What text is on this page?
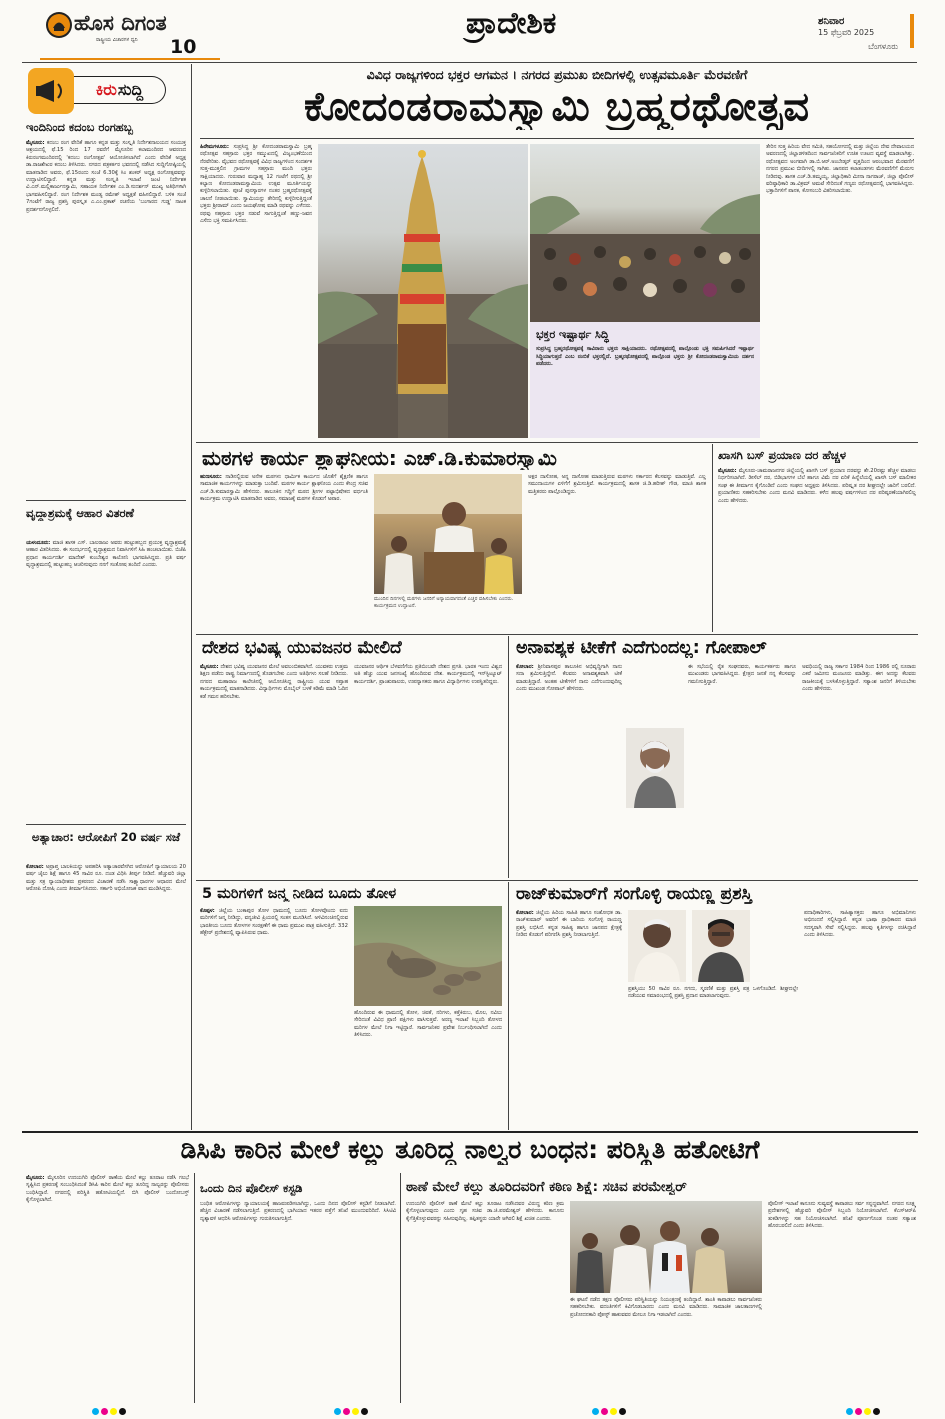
ಹೊಸ ದಿಗಂತ
ರಾಷ್ಟ್ರೀಯ ವಿಚಾರಗಳ ಧ್ವನಿ 10
ಪ್ರಾದೇಶಿಕ	ಶನಿವಾರ
15 ಫೆಬ್ರವರಿ 2025
ಬೆಂಗಳೂರು
ಕಿರು ಸುದ್ದಿ
ಇಂದಿನಿಂದ ಕದಂಬ ರಂಗಹಬ್ಬ
ಮೈಸೂರು: ಕದಂಬ ರಂಗ ವೇದಿಕೆ ಹಾಗೂ ಕನ್ನಡ ಮತ್ತು ಸಂಸ್ಕೃತಿ ನಿರ್ದೇಶನಾಲಯದ ಸಂಯುಕ್ತ ಆಶ್ರಯದಲ್ಲಿ ಫೆ.15 ರಿಂದ 17 ರವರೆಗೆ ಮೈಸೂರಿನ ಕಲಾಮಂದಿರದ ಆವರಣದ ಕಿರುರಂಗಮಂದಿರದಲ್ಲಿ 'ಕದಂಬ ರಂಗೋತ್ಸವ' ಆಯೋಜಿಸಲಾಗಿದೆ ಎಂದು ವೇದಿಕೆ ಅಧ್ಯಕ್ಷ ಡಾ.ರಾಜಶೇಖರ ಕದಂಬ ತಿಳಿಸಿದರು. ನಗರದ ಪತ್ರಕರ್ತರ ಭವನದಲ್ಲಿ ನಡೆಸಿದ ಸುದ್ದಿಗೋಷ್ಠಿಯಲ್ಲಿ ಮಾತನಾಡಿದ ಅವರು, ಫೆ.15ರಂದು ಸಂಜೆ 6.30ಕ್ಕೆ ಸಿಂ ಶಂಕರ್ ಅಧ್ಯಕ್ಷ ರಂಗೋತ್ಸವವನ್ನು ಉದ್ಘಾಟಿಸಲಿದ್ದಾರೆ. ಕನ್ನಡ ಮತ್ತು ಸಂಸ್ಕೃತಿ ಇಲಾಖೆ ಜಂಟಿ ನಿರ್ದೇಶಕ ವಿ.ಎನ್.ಮಲ್ಲಿಕಾರ್ಜುನಸ್ವಾಮಿ, ಸಹಾಯಕ ನಿರ್ದೇಶಕ ಎಂ.ಡಿ.ಸುದರ್ಶನ್ ಮುಖ್ಯ ಅತಿಥಿಗಳಾಗಿ ಭಾಗವಹಿಸಲಿದ್ದಾರೆ. ರಂಗ ನಿರ್ದೇಶಕ ಮಂಡ್ಯ ರಮೇಶ್ ಅಧ್ಯಕ್ಷತೆ ವಹಿಸಲಿದ್ದಾರೆ. ಬಳಿಕ ಸಂಜೆ 7ಗಂಟೆಗೆ ರಾಜ್ಯ ಪ್ರಶಸ್ತಿ ಪುರಸ್ಕೃತ ಎ.ಎಂ.ಪ್ರಕಾಶ್ ರಚನೆಯ 'ಬಂಗಾರದ ಗುಡ್ಡ' ನಾಟಕ ಪ್ರದರ್ಶನಗೊಳ್ಳಲಿದೆ.
ವೃದ್ಧಾಶ್ರಮಕ್ಕೆ ಆಹಾರ ವಿತರಣೆ
ಯಳಂದೂರು: ಮಾಜಿ ಶಾಸಕ ಎಸ್. ಬಾಲರಾಜು ಅವರು ಹುಟ್ಟುಹಬ್ಬದ ಪ್ರಯುಕ್ತ ವೃದ್ಧಾಶ್ರಮಕ್ಕೆ ಆಹಾರ ವಿತರಿಸಿದರು. ಈ ಸಂದರ್ಭದಲ್ಲಿ ವೃದ್ಧಾಶ್ರಮದ ನಿವಾಸಿಗಳಿಗೆ ಸಿಹಿ ಹಂಚಲಾಯಿತು. ಬಿಜೆಪಿ ಪ್ರಧಾನ ಕಾರ್ಯದರ್ಶಿ ಮಾದೇಶ್ ಕುಂಬೇಶ್ವರ ಕಾಲೋನಿ ಭಾಗವಹಿಸಿದ್ದರು. ಪ್ರತಿ ವರ್ಷ ವೃದ್ಧಾಶ್ರಮದಲ್ಲಿ ಹುಟ್ಟುಹಬ್ಬ ಆಚರಿಸುವುದು ನನಗೆ ಸಂತೋಷ ತಂದಿದೆ ಎಂದರು.
ಅತ್ಯಾಚಾರ: ಆರೋಪಿಗೆ 20 ವರ್ಷ ಸಜೆ
ಕೋಲಾರ: ಅಪ್ರಾಪ್ತ ಬಾಲಕಿಯನ್ನು ಅಪಹರಿಸಿ ಅತ್ಯಾಚಾರವೆಸಗಿದ ಆರೋಪಿಗೆ ನ್ಯಾಯಾಲಯ 20 ವರ್ಷ ಜೈಲು ಶಿಕ್ಷೆ ಹಾಗೂ 45 ಸಾವಿರ ರೂ. ದಂಡ ವಿಧಿಸಿ ತೀರ್ಪು ನೀಡಿದೆ. ಹೆಚ್ಚುವರಿ ಜಿಲ್ಲಾ ಮತ್ತು ಸತ್ರ ನ್ಯಾಯಾಧೀಶರು ಪ್ರಕರಣದ ವಿಚಾರಣೆ ನಡೆಸಿ ಸಾಕ್ಷ್ಯಾಧಾರಗಳ ಆಧಾರದ ಮೇಲೆ ಆರೋಪಿ ದೋಷಿ ಎಂದು ತೀರ್ಮಾನಿಸಿದರು. ಸರ್ಕಾರಿ ಅಭಿಯೋಜಕ ವಾದ ಮಂಡಿಸಿದ್ದರು.
ವಿವಿಧ ರಾಜ್ಯಗಳಿಂದ ಭಕ್ತರ ಆಗಮನ । ನಗರದ ಪ್ರಮುಖ ಬೀದಿಗಳಲ್ಲಿ ಉತ್ಸವಮೂರ್ತಿ ಮೆರವಣಿಗೆ
ಕೋದಂಡರಾಮಸ್ವಾಮಿ ಬ್ರಹ್ಮರಥೋತ್ಸವ
ಹಿರೇಮಗಳೂರು: ಸುಪ್ರಸಿದ್ಧ ಶ್ರೀ ಕೋದಂಡರಾಮಸ್ವಾಮಿ ಬ್ರಹ್ಮ ರಥೋತ್ಸವ ಸಹಸ್ರಾರು ಭಕ್ತರ ಸಮ್ಮುಖದಲ್ಲಿ ವಿಜೃಂಭಣೆಯಿಂದ ನೆರವೇರಿತು. ವೈಭವದ ರಥೋತ್ಸವಕ್ಕೆ ವಿವಿಧ ರಾಜ್ಯಗಳಿಂದ ಸಂದರ್ಶಕ ಸುತ್ತ-ಮುತ್ತಲಿನ ಗ್ರಾಮಗಳ ಸಹಸ್ರಾರು ಮಂದಿ ಭಕ್ತರು ಸಾಕ್ಷಿಯಾದರು. ಗುರುವಾರ ಮಧ್ಯಾಹ್ನ 12 ಗಂಟೆಗೆ ರಥದಲ್ಲಿ ಶ್ರೀ ಕಲ್ಯಾಣ ಕೋದಂಡರಾಮಸ್ವಾಮಿಯ ಉತ್ಸವ ಮೂರ್ತಿಯನ್ನು ಕುಳ್ಳಿರಿಸಲಾಯಿತು. ಪೂಜೆ ಪುನಸ್ಕಾರಗಳ ನಂತರ ಬ್ರಹ್ಮರಥೋತ್ಸವಕ್ಕೆ ಚಾಲನೆ ನೀಡಲಾಯಿತು. ಸ್ವಾಮಿಯನ್ನು ತೇರಿನಲ್ಲಿ ಕುಳ್ಳಿರಿಸುತ್ತಿದ್ದಂತೆ ಭಕ್ತರು ಶ್ರೀರಾಮ್ ಎಂದು ಜಯಘೋಷ ಮಾಡಿ ರಥವನ್ನು ಎಳೆದರು. ರಥವು ಸಹಸ್ರಾರು ಭಕ್ತರ ನಡುವೆ ಸಾಗುತ್ತಿದ್ದಂತೆ ಹಣ್ಣು-ಜವನ ಎಸೆದು ಭಕ್ತಿ ಸಮರ್ಪಿಸಿದರು.
ಭಕ್ತರ ಇಷ್ಟಾರ್ಥ ಸಿದ್ಧಿ
ಸುಪ್ರಸಿದ್ಧ ಬ್ರಹ್ಮರಥೋತ್ಸವಕ್ಕೆ ಸಾವಿರಾರು ಭಕ್ತರು ಸಾಕ್ಷಿಯಾದರು. ರಥೋತ್ಸವದಲ್ಲಿ ಪಾಲ್ಗೊಂಡು ಭಕ್ತಿ ಸಮರ್ಪಿಸಿದರೆ ಇಷ್ಟಾರ್ಥ ಸಿದ್ಧಿಯಾಗುತ್ತದೆ ಎಂಬ ನಂಬಿಕೆ ಭಕ್ತರಲ್ಲಿದೆ. ಬ್ರಹ್ಮರಥೋತ್ಸವದಲ್ಲಿ ಪಾಲ್ಗೊಂಡ ಭಕ್ತರು ಶ್ರೀ ಕೋದಂಡರಾಮಸ್ವಾಮಿಯ ದರ್ಶನ ಪಡೆದರು.
ತೇರಿನ ಸುತ್ತ ಹಿರಿಯ ವೇದ ಸಮಿತಿ, ಸಹಯೋಗದಲ್ಲಿ ಮತ್ತು ಜಿಲ್ಲೆಯ ದೇವ ದೇವಾಲಯದ ಅವರಣದಲ್ಲಿ ಜಿಲ್ಲಾಡಳಿತದಿಂದ ಸಾರ್ವಜನಿಕರಿಗೆ ಉಚಿತ ಊಟದ ವ್ಯವಸ್ಥೆ ಮಾಡಲಾಗಿತ್ತು. ರಥೋತ್ಸವದ ಅಂಗವಾಗಿ ಡಾ.ಬಿ.ಆರ್.ಅಂಬೇಡ್ಕರ್ ವೃತ್ತದಿಂದ ಆರಂಭವಾದ ಮೆರವಣಿಗೆ ನಗರದ ಪ್ರಮುಖ ಬೀದಿಗಳಲ್ಲಿ ಸಾಗಿತು. ಜಾನಪದ ಕಲಾತಂಡಗಳು ಮೆರವಣಿಗೆಗೆ ಮೆರುಗು ನೀಡಿದವು. ಶಾಸಕ ಎಚ್.ಡಿ.ತಮ್ಮಯ್ಯ, ಜಿಲ್ಲಾಧಿಕಾರಿ ಮೀನಾ ನಾಗರಾಜ್, ಜಿಲ್ಲಾ ಪೊಲೀಸ್ ವರಿಷ್ಠಾಧಿಕಾರಿ ಡಾ.ವಿಕ್ರಮ್ ಅಮಟೆ ಸೇರಿದಂತೆ ಗಣ್ಯರು ರಥೋತ್ಸವದಲ್ಲಿ ಭಾಗವಹಿಸಿದ್ದರು. ಭಕ್ತಾದಿಗಳಿಗೆ ಪಾನಕ, ಕೋಸಂಬರಿ ವಿತರಿಸಲಾಯಿತು.
ಮಠಗಳ ಕಾರ್ಯ ಶ್ಲಾಘನೀಯ: ಎಚ್.ಡಿ.ಕುಮಾರಸ್ವಾಮಿ
ಹುಣಸೂರು: ನಾಡಿನಲ್ಲಿರುವ ಅನೇಕ ಮಠಗಳು ಧಾರ್ಮಿಕ ಕಾರ್ಯದ ಜೊತೆಗೆ ಶೈಕ್ಷಣಿಕ ಹಾಗೂ ಸಾಮಾಜಿಕ ಕಾರ್ಯಗಳನ್ನು ಮಾಡುತ್ತಾ ಬಂದಿವೆ. ಮಠಗಳ ಕಾರ್ಯ ಶ್ಲಾಘನೀಯ ಎಂದು ಕೇಂದ್ರ ಸಚಿವ ಎಚ್.ಡಿ.ಕುಮಾರಸ್ವಾಮಿ ಹೇಳಿದರು. ತಾಲೂಕಿನ ಗದ್ದಿಗೆ ಮಠದ ಶ್ರೀಗಳ ಪಟ್ಟಾಭಿಷೇಕದ ವರ್ಧಂತಿ ಕಾರ್ಯಕ್ರಮ ಉದ್ಘಾಟಿಸಿ ಮಾತನಾಡಿದ ಅವರು, ಸಮಾಜಕ್ಕೆ ಮಠಗಳ ಕೊಡುಗೆ ಅಪಾರ.
ಮುಂದಿನ ದಿನಗಳಲ್ಲಿ ಮಠಗಳು ಜನರಿಗೆ ಅನ್ಯಾಯವಾಗದಂತೆ ಎಚ್ಚರ ವಹಿಸಬೇಕು ಎಂದರು. ಕಾರ್ಯಕ್ರಮದ ಉದ್ಘಾಟನೆ.
ಅಕ್ಷರ ದಾಸೋಹ, ಅನ್ನ ದಾಸೋಹ ಮಾಡುತ್ತಿರುವ ಮಠಗಳು ಸರ್ಕಾರದ ಕೆಲಸವನ್ನು ಮಾಡುತ್ತಿವೆ. ಎಲ್ಲ ಸಮುದಾಯಗಳ ಏಳಿಗೆಗೆ ಶ್ರಮಿಸುತ್ತಿವೆ. ಕಾರ್ಯಕ್ರಮದಲ್ಲಿ ಶಾಸಕ ಜಿ.ಡಿ.ಹರೀಶ್ ಗೌಡ, ಮಾಜಿ ಶಾಸಕ ಮತ್ತಿತರರು ಪಾಲ್ಗೊಂಡಿದ್ದರು.
ಖಾಸಗಿ ಬಸ್ ಪ್ರಯಾಣ ದರ ಹೆಚ್ಚಳ
ಮೈಸೂರು: ಮೈಸೂರು-ಚಾಮರಾಜನಗರ ಜಿಲ್ಲೆಯಲ್ಲಿ ಖಾಸಗಿ ಬಸ್ ಪ್ರಯಾಣ ದರವನ್ನು ಶೇ.20ರಷ್ಟು ಹೆಚ್ಚಳ ಮಾಡಲು ನಿರ್ಧರಿಸಲಾಗಿದೆ. ಡೀಸೆಲ್ ದರ, ಬಿಡಿಭಾಗಗಳ ಬೆಲೆ ಹಾಗೂ ವಿಮೆ ದರ ಏರಿಕೆ ಹಿನ್ನೆಲೆಯಲ್ಲಿ ಖಾಸಗಿ ಬಸ್ ಮಾಲೀಕರ ಸಂಘ ಈ ತೀರ್ಮಾನ ಕೈಗೊಂಡಿದೆ ಎಂದು ಸಂಘದ ಅಧ್ಯಕ್ಷರು ತಿಳಿಸಿದರು. ಪರಿಷ್ಕೃತ ದರ ಶೀಘ್ರದಲ್ಲೇ ಜಾರಿಗೆ ಬರಲಿದೆ. ಪ್ರಯಾಣಿಕರು ಸಹಕರಿಸಬೇಕು ಎಂದು ಮನವಿ ಮಾಡಿದರು. ಕಳೆದ ಹಲವು ವರ್ಷಗಳಿಂದ ದರ ಪರಿಷ್ಕರಣೆಯಾಗಿರಲಿಲ್ಲ ಎಂದು ಹೇಳಿದರು.
ದೇಶದ ಭವಿಷ್ಯ ಯುವಜನರ ಮೇಲಿದೆ
ಮೈಸೂರು: ದೇಶದ ಭವಿಷ್ಯ ಯುವಜನರ ಮೇಲೆ ಅವಲಂಬಿತವಾಗಿದೆ. ಯುವಕರು ಉತ್ತಮ ಶಿಕ್ಷಣ ಪಡೆದು ರಾಷ್ಟ್ರ ನಿರ್ಮಾಣದಲ್ಲಿ ತೊಡಗಬೇಕು ಎಂದು ಅತಿಥಿಗಳು ಸಲಹೆ ನೀಡಿದರು. ನಗರದ ಮಹಾರಾಜ ಕಾಲೇಜಿನಲ್ಲಿ ಆಯೋಜಿಸಿದ್ದ ರಾಷ್ಟ್ರೀಯ ಯುವ ಸಪ್ತಾಹ ಕಾರ್ಯಕ್ರಮದಲ್ಲಿ ಮಾತನಾಡಿದರು. ವಿದ್ಯಾರ್ಥಿಗಳು ಮೊಬೈಲ್ ಬಳಕೆ ಕಡಿಮೆ ಮಾಡಿ ಓದಿನ ಕಡೆ ಗಮನ ಹರಿಸಬೇಕು.
ಯುವಜನರ ಆರ್ಥಿಕ ಬೆಳವಣಿಗೆಯ ಪ್ರತಿಬಿಂಬವೇ ದೇಶದ ಪ್ರಗತಿ. ಭಾರತ ಇಂದು ವಿಶ್ವದ ಅತಿ ಹೆಚ್ಚು ಯುವ ಜನಸಂಖ್ಯೆ ಹೊಂದಿರುವ ದೇಶ. ಕಾರ್ಯಕ್ರಮದಲ್ಲಿ ಇನ್‌ಸ್ಟಿಟ್ಯೂಟ್ ಕಾರ್ಯದರ್ಶಿ, ಪ್ರಾಂಶುಪಾಲರು, ಉಪನ್ಯಾಸಕರು ಹಾಗೂ ವಿದ್ಯಾರ್ಥಿಗಳು ಉಪಸ್ಥಿತರಿದ್ದರು.
ಅನಾವಶ್ಯಕ ಟೀಕೆಗೆ ಎದೆಗುಂದಲ್ಲ: ಗೋಪಾಲ್
ಕೋಲಾರ: ಶ್ರೀನಿವಾಸಪುರ ತಾಲೂಕಿನ ಅಭಿವೃದ್ಧಿಗಾಗಿ ನಾನು ಸದಾ ಶ್ರಮಿಸುತ್ತಿದ್ದೇನೆ. ಕೆಲವರು ಅನಾವಶ್ಯಕವಾಗಿ ಟೀಕೆ ಮಾಡುತ್ತಿದ್ದಾರೆ. ಅಂತಹ ಟೀಕೆಗಳಿಗೆ ನಾನು ಎದೆಗುಂದುವುದಿಲ್ಲ ಎಂದು ಮುಖಂಡ ಗೋಪಾಲ್ ಹೇಳಿದರು.
ಈ ಸಭೆಯಲ್ಲಿ ರೈತ ಸಂಘದವರು, ಕಾರ್ಯಕರ್ತರು ಹಾಗೂ ಮುಖಂಡರು ಭಾಗವಹಿಸಿದ್ದರು. ಕ್ಷೇತ್ರದ ಜನತೆ ನನ್ನ ಕೆಲಸವನ್ನು ಗಮನಿಸುತ್ತಿದ್ದಾರೆ.
ಅವಧಿಯಲ್ಲಿ ರಾಜ್ಯ ಸರ್ಕಾರ 1984 ರಿಂದ 1986 ರಲ್ಲಿ ನೂರಾರು ಎಕರೆ ಜಮೀನು ಮಂಜೂರು ಮಾಡಿತ್ತು. ಈಗ ಅದನ್ನು ಕೆಲವರು ರಾಜಕೀಯಕ್ಕೆ ಬಳಸಿಕೊಳ್ಳುತ್ತಿದ್ದಾರೆ. ಸತ್ಯಾಂಶ ಜನರಿಗೆ ತಿಳಿಯಬೇಕು ಎಂದು ಹೇಳಿದರು.
5 ಮರಿಗಳಿಗೆ ಜನ್ಮ ನೀಡಿದ ಬೂದು ತೋಳ
ಕೊಪ್ಪಳ: ಜಿಲ್ಲೆಯ ಬಂಕಾಪುರ ತೋಳ ಧಾಮದಲ್ಲಿ ಬೂದು ತೋಳವೊಂದು ಐದು ಮರಿಗಳಿಗೆ ಜನ್ಮ ನೀಡಿದ್ದು, ವನ್ಯಜೀವಿ ಪ್ರಿಯರಲ್ಲಿ ಸಂತಸ ಮೂಡಿಸಿದೆ. ಅಳಿವಿನಂಚಿನಲ್ಲಿರುವ ಭಾರತೀಯ ಬೂದು ತೋಳಗಳ ಸಂರಕ್ಷಣೆಗೆ ಈ ಧಾಮ ಪ್ರಮುಖ ಪಾತ್ರ ವಹಿಸುತ್ತಿದೆ. 332 ಹೆಕ್ಟೇರ್ ಪ್ರದೇಶದಲ್ಲಿ ವ್ಯಾಪಿಸಿರುವ ಧಾಮ.
ಹೊಂದಿರುವ ಈ ಧಾಮದಲ್ಲಿ ತೋಳ, ಚಿರತೆ, ನರಿಗಳು, ಕತ್ತೆಕಿರುಬ, ಮೊಲ, ನವಿಲು ಸೇರಿದಂತೆ ವಿವಿಧ ಪ್ರಾಣಿ ಪಕ್ಷಿಗಳು ವಾಸಿಸುತ್ತವೆ. ಅರಣ್ಯ ಇಲಾಖೆ ಸಿಬ್ಬಂದಿ ತೋಳದ ಮರಿಗಳ ಮೇಲೆ ನಿಗಾ ಇಟ್ಟಿದ್ದಾರೆ. ಸಾರ್ವಜನಿಕರ ಪ್ರವೇಶ ನಿರ್ಬಂಧಿಸಲಾಗಿದೆ ಎಂದು ತಿಳಿಸಿದರು.
ರಾಜ್‌ಕುಮಾರ್‌ಗೆ ಸಂಗೊಳ್ಳಿ ರಾಯಣ್ಣ ಪ್ರಶಸ್ತಿ
ಕೋಲಾರ: ಜಿಲ್ಲೆಯ ಹಿರಿಯ ಸಾಹಿತಿ ಹಾಗೂ ಸಂಶೋಧಕ ಡಾ. ರಾಜ್‌ಕುಮಾರ್ ಅವರಿಗೆ ಈ ಬಾರಿಯ ಸಂಗೊಳ್ಳಿ ರಾಯಣ್ಣ ಪ್ರಶಸ್ತಿ ಲಭಿಸಿದೆ. ಕನ್ನಡ ಸಾಹಿತ್ಯ ಹಾಗೂ ಜಾನಪದ ಕ್ಷೇತ್ರಕ್ಕೆ ನೀಡಿದ ಕೊಡುಗೆ ಪರಿಗಣಿಸಿ ಪ್ರಶಸ್ತಿ ನೀಡಲಾಗುತ್ತಿದೆ.
ಪ್ರಶಸ್ತಿಯು 50 ಸಾವಿರ ರೂ. ನಗದು, ಸ್ಮರಣಿಕೆ ಮತ್ತು ಪ್ರಶಸ್ತಿ ಪತ್ರ ಒಳಗೊಂಡಿದೆ. ಶೀಘ್ರದಲ್ಲೇ ನಡೆಯುವ ಸಮಾರಂಭದಲ್ಲಿ ಪ್ರಶಸ್ತಿ ಪ್ರದಾನ ಮಾಡಲಾಗುವುದು.
ಪದಾಧಿಕಾರಿಗಳು, ಸಾಹಿತ್ಯಾಸಕ್ತರು ಹಾಗೂ ಅಭಿಮಾನಿಗಳು ಅಭಿನಂದನೆ ಸಲ್ಲಿಸಿದ್ದಾರೆ. ಕನ್ನಡ ಭಾಷಾ ಪ್ರಾಧಿಕಾರದ ಮಾಜಿ ಸದಸ್ಯರಾಗಿ ಸೇವೆ ಸಲ್ಲಿಸಿದ್ದರು. ಹಲವು ಕೃತಿಗಳನ್ನು ರಚಿಸಿದ್ದಾರೆ ಎಂದು ತಿಳಿಸಿದರು.
ಡಿಸಿಪಿ ಕಾರಿನ ಮೇಲೆ ಕಲ್ಲು ತೂರಿದ್ದ ನಾಲ್ವರ ಬಂಧನ: ಪರಿಸ್ಥಿತಿ ಹತೋಟಿಗೆ
ಮೈಸೂರು: ಮೈಸೂರಿನ ಉದಯಗಿರಿ ಪೊಲೀಸ್ ಠಾಣೆಯ ಮೇಲೆ ಕಲ್ಲು ತೂರಾಟ ನಡೆಸಿ ಗಲಭೆ ಸೃಷ್ಟಿಸಿದ ಪ್ರಕರಣಕ್ಕೆ ಸಂಬಂಧಿಸಿದಂತೆ ಡಿಸಿಪಿ ಕಾರಿನ ಮೇಲೆ ಕಲ್ಲು ತೂರಿದ್ದ ನಾಲ್ವರನ್ನು ಪೊಲೀಸರು ಬಂಧಿಸಿದ್ದಾರೆ. ನಗರದಲ್ಲಿ ಪರಿಸ್ಥಿತಿ ಹತೋಟಿಯಲ್ಲಿದೆ. ಬಿಗಿ ಪೊಲೀಸ್ ಬಂದೋಬಸ್ತ್ ಕೈಗೊಳ್ಳಲಾಗಿದೆ.
ಒಂದು ದಿನ ಪೊಲೀಸ್ ಕಸ್ಟಡಿ
ಬಂಧಿತ ಆರೋಪಿಗಳನ್ನು ನ್ಯಾಯಾಲಯಕ್ಕೆ ಹಾಜರುಪಡಿಸಲಾಗಿದ್ದು, ಒಂದು ದಿನದ ಪೊಲೀಸ್ ಕಸ್ಟಡಿಗೆ ನೀಡಲಾಗಿದೆ. ಹೆಚ್ಚಿನ ವಿಚಾರಣೆ ನಡೆಸಲಾಗುತ್ತಿದೆ. ಪ್ರಕರಣದಲ್ಲಿ ಭಾಗಿಯಾದ ಇತರರ ಪತ್ತೆಗೆ ತನಿಖೆ ಮುಂದುವರಿದಿದೆ. ಸಿಸಿಟಿವಿ ದೃಶ್ಯಾವಳಿ ಆಧರಿಸಿ ಆರೋಪಿಗಳನ್ನು ಗುರುತಿಸಲಾಗುತ್ತಿದೆ.
ಠಾಣೆ ಮೇಲೆ ಕಲ್ಲು ತೂರಿದವರಿಗೆ ಕಠಿಣ ಶಿಕ್ಷೆ: ಸಚಿವ ಪರಮೇಶ್ವರ್
ಉದಯಗಿರಿ ಪೊಲೀಸ್ ಠಾಣೆ ಮೇಲೆ ಕಲ್ಲು ತೂರಾಟ ನಡೆಸಿದವರ ವಿರುದ್ಧ ಕಠಿಣ ಕ್ರಮ ಕೈಗೊಳ್ಳಲಾಗುವುದು ಎಂದು ಗೃಹ ಸಚಿವ ಡಾ.ಜಿ.ಪರಮೇಶ್ವರ್ ಹೇಳಿದರು. ಕಾನೂನು ಕೈಗೆತ್ತಿಕೊಳ್ಳುವವರನ್ನು ಸಹಿಸುವುದಿಲ್ಲ. ತಪ್ಪಿತಸ್ಥರು ಯಾರೇ ಆಗಿರಲಿ ಶಿಕ್ಷೆ ಖಚಿತ ಎಂದರು.
ಈ ಘಟನೆ ನಡೆದ ತಕ್ಷಣ ಪೊಲೀಸರು ಪರಿಸ್ಥಿತಿಯನ್ನು ನಿಯಂತ್ರಣಕ್ಕೆ ತಂದಿದ್ದಾರೆ. ಶಾಂತಿ ಕಾಪಾಡಲು ಸಾರ್ವಜನಿಕರು ಸಹಕರಿಸಬೇಕು. ವದಂತಿಗಳಿಗೆ ಕಿವಿಗೊಡಬಾರದು ಎಂದು ಮನವಿ ಮಾಡಿದರು. ಸಾಮಾಜಿಕ ಜಾಲತಾಣಗಳಲ್ಲಿ ಪ್ರಚೋದನಕಾರಿ ಪೋಸ್ಟ್ ಹಾಕುವವರ ಮೇಲೂ ನಿಗಾ ಇಡಲಾಗಿದೆ ಎಂದರು.
ಪೊಲೀಸ್ ಇಲಾಖೆ ಕಾನೂನು ಸುವ್ಯವಸ್ಥೆ ಕಾಪಾಡಲು ಸರ್ವ ಸನ್ನದ್ಧವಾಗಿದೆ. ನಗರದ ಸೂಕ್ಷ್ಮ ಪ್ರದೇಶಗಳಲ್ಲಿ ಹೆಚ್ಚುವರಿ ಪೊಲೀಸ್ ಸಿಬ್ಬಂದಿ ನಿಯೋಜಿಸಲಾಗಿದೆ. ಕೆಎಸ್‌ಆರ್‌ಪಿ ತುಕಡಿಗಳನ್ನು ಸಹ ನಿಯೋಜಿಸಲಾಗಿದೆ. ತನಿಖೆ ಪೂರ್ಣಗೊಂಡ ನಂತರ ಸತ್ಯಾಂಶ ಹೊರಬರಲಿದೆ ಎಂದು ತಿಳಿಸಿದರು.
